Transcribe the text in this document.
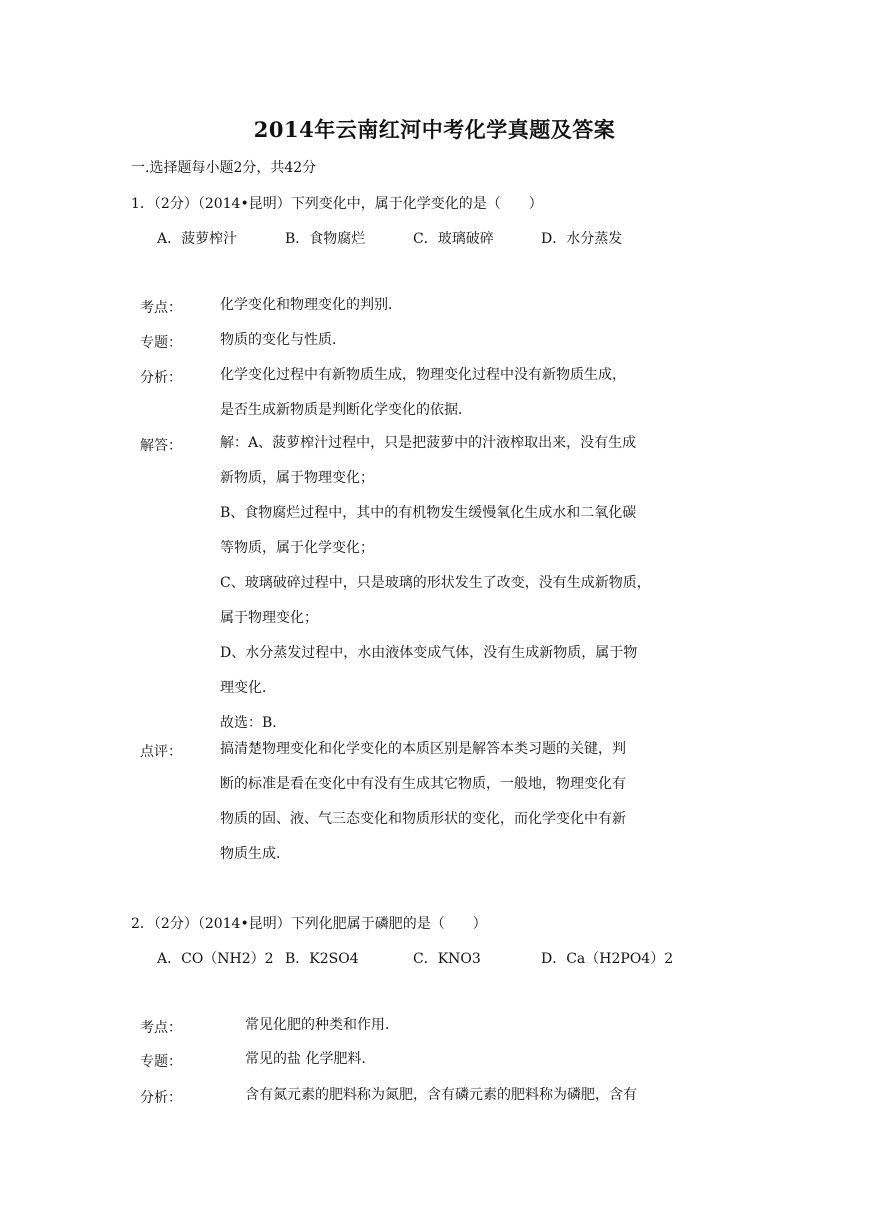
2014年云南红河中考化学真题及答案
一.选择题每小题2分，共42分
1．（2分）（2014•昆明）下列变化中，属于化学变化的是（　　）
A．菠萝榨汁	B．食物腐烂	C．玻璃破碎	D．水分蒸发
考点：	化学变化和物理变化的判别．
专题：	物质的变化与性质．
分析：	化学变化过程中有新物质生成，物理变化过程中没有新物质生成，
是否生成新物质是判断化学变化的依据．
解答：	解：A、菠萝榨汁过程中，只是把菠萝中的汁液榨取出来，没有生成
新物质，属于物理变化；
B、食物腐烂过程中，其中的有机物发生缓慢氧化生成水和二氧化碳
等物质，属于化学变化；
C、玻璃破碎过程中，只是玻璃的形状发生了改变，没有生成新物质，
属于物理变化；
D、水分蒸发过程中，水由液体变成气体，没有生成新物质，属于物
理变化．
故选：B．
点评：	搞清楚物理变化和化学变化的本质区别是解答本类习题的关键，判
断的标准是看在变化中有没有生成其它物质，一般地，物理变化有
物质的固、液、气三态变化和物质形状的变化，而化学变化中有新
物质生成．
2．（2分）（2014•昆明）下列化肥属于磷肥的是（　　）
A．CO（NH2）2 B．K2SO4	C．KNO3	D．Ca（H2PO4）2
考点：	常见化肥的种类和作用．
专题：	常见的盐 化学肥料．
分析：	含有氮元素的肥料称为氮肥，含有磷元素的肥料称为磷肥，含有
